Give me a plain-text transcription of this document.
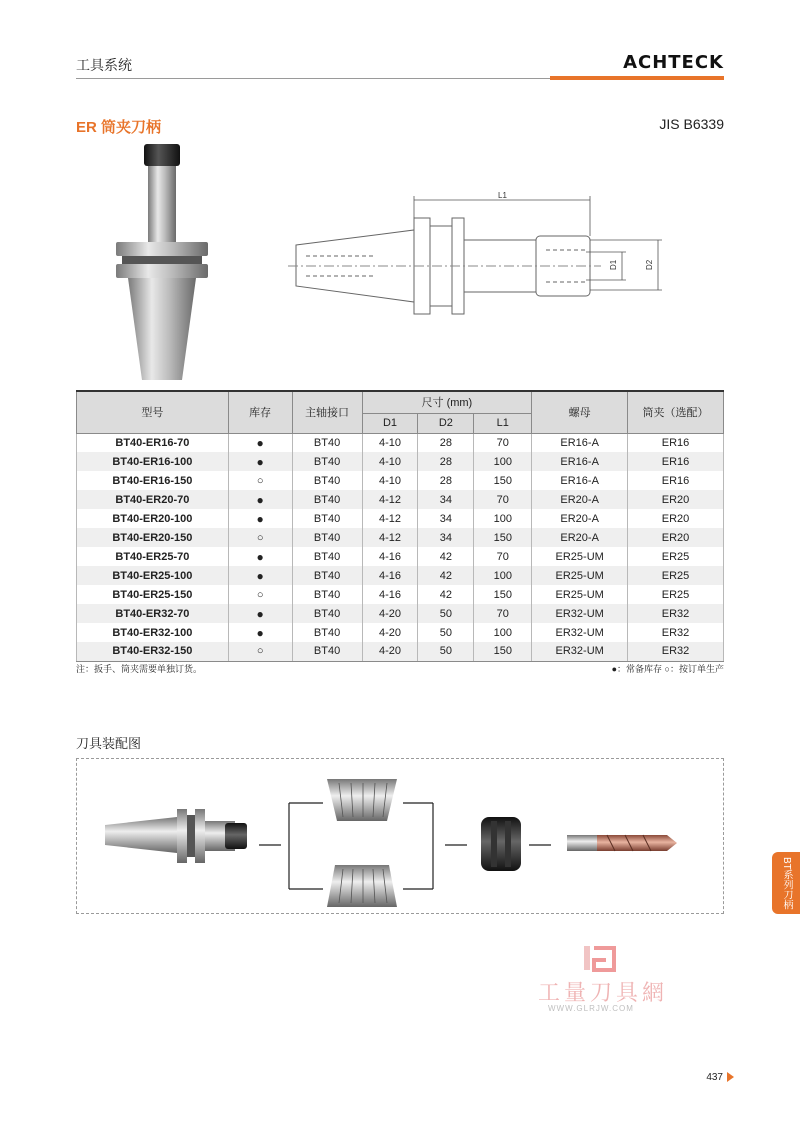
工具系统	ACHTECK
ER 筒夹刀柄	JIS B6339
L1
D1	D2
型号	库存	主轴接口	尺寸 (mm)			螺母	筒夹（选配）
			D1	D2	L1		
BT40-ER16-70	●	BT40	4-10	28	70	ER16-A	ER16
BT40-ER16-100	●	BT40	4-10	28	100	ER16-A	ER16
BT40-ER16-150	○	BT40	4-10	28	150	ER16-A	ER16
BT40-ER20-70	●	BT40	4-12	34	70	ER20-A	ER20
BT40-ER20-100	●	BT40	4-12	34	100	ER20-A	ER20
BT40-ER20-150	○	BT40	4-12	34	150	ER20-A	ER20
BT40-ER25-70	●	BT40	4-16	42	70	ER25-UM	ER25
BT40-ER25-100	●	BT40	4-16	42	100	ER25-UM	ER25
BT40-ER25-150	○	BT40	4-16	42	150	ER25-UM	ER25
BT40-ER32-70	●	BT40	4-20	50	70	ER32-UM	ER32
BT40-ER32-100	●	BT40	4-20	50	100	ER32-UM	ER32
BT40-ER32-150	○	BT40	4-20	50	150	ER32-UM	ER32
注：扳手、筒夹需要单独订货。	●：常备库存 ○：按订单生产
刀具装配图
BT系列刀柄
工量刀具網
WWW.GLRJW.COM
437
